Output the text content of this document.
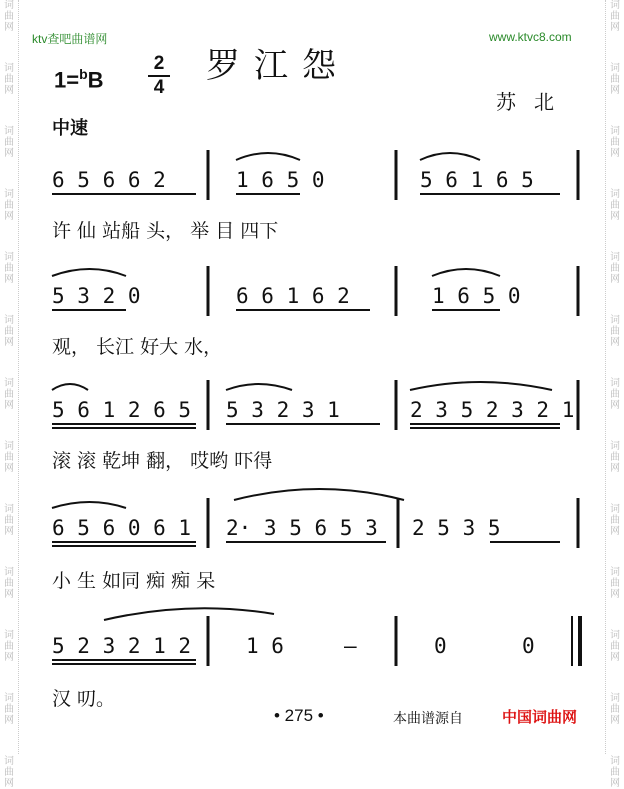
词
曲
网
词
曲
网
词
曲
网
词
曲
网
词
曲
网
词
曲
网
词
曲
网
词
曲
网
词
曲
网
词
曲
网
词
曲
网
词
曲
网
词
曲
网
词
曲
网
词
曲
网
词
曲
网
词
曲
网
词
曲
网
词
曲
网
词
曲
网
词
曲
网
词
曲
网
词
曲
网
词
曲
网
词
曲
网
词
曲
网
ktv查吧曲谱网	www.ktvc8.com
1=$^b$B
2
4
罗江怨
苏北
中速
6 5 6 6 2	1 6 5 0	5 6 1 6 5
许 仙 站船 头， 举 目 四下
5 3 2 0	6 6 1 6 2	1 6 5 0
观， 长江 好大 水，
5 6 1 2 6 5 5 3 2 3 1	2 3 5 2 3 2 1
滚 滚 乾坤 翻， 哎哟 吓得
6 5 6 0 6 1 2· 3 5 6 5 3 2 5 3 5
小 生 如同 痴 痴 呆
5 2 3 2 1 2	1 6	—	0	0
汉 叨。
• 275 •	本曲谱源自	中国词曲网
